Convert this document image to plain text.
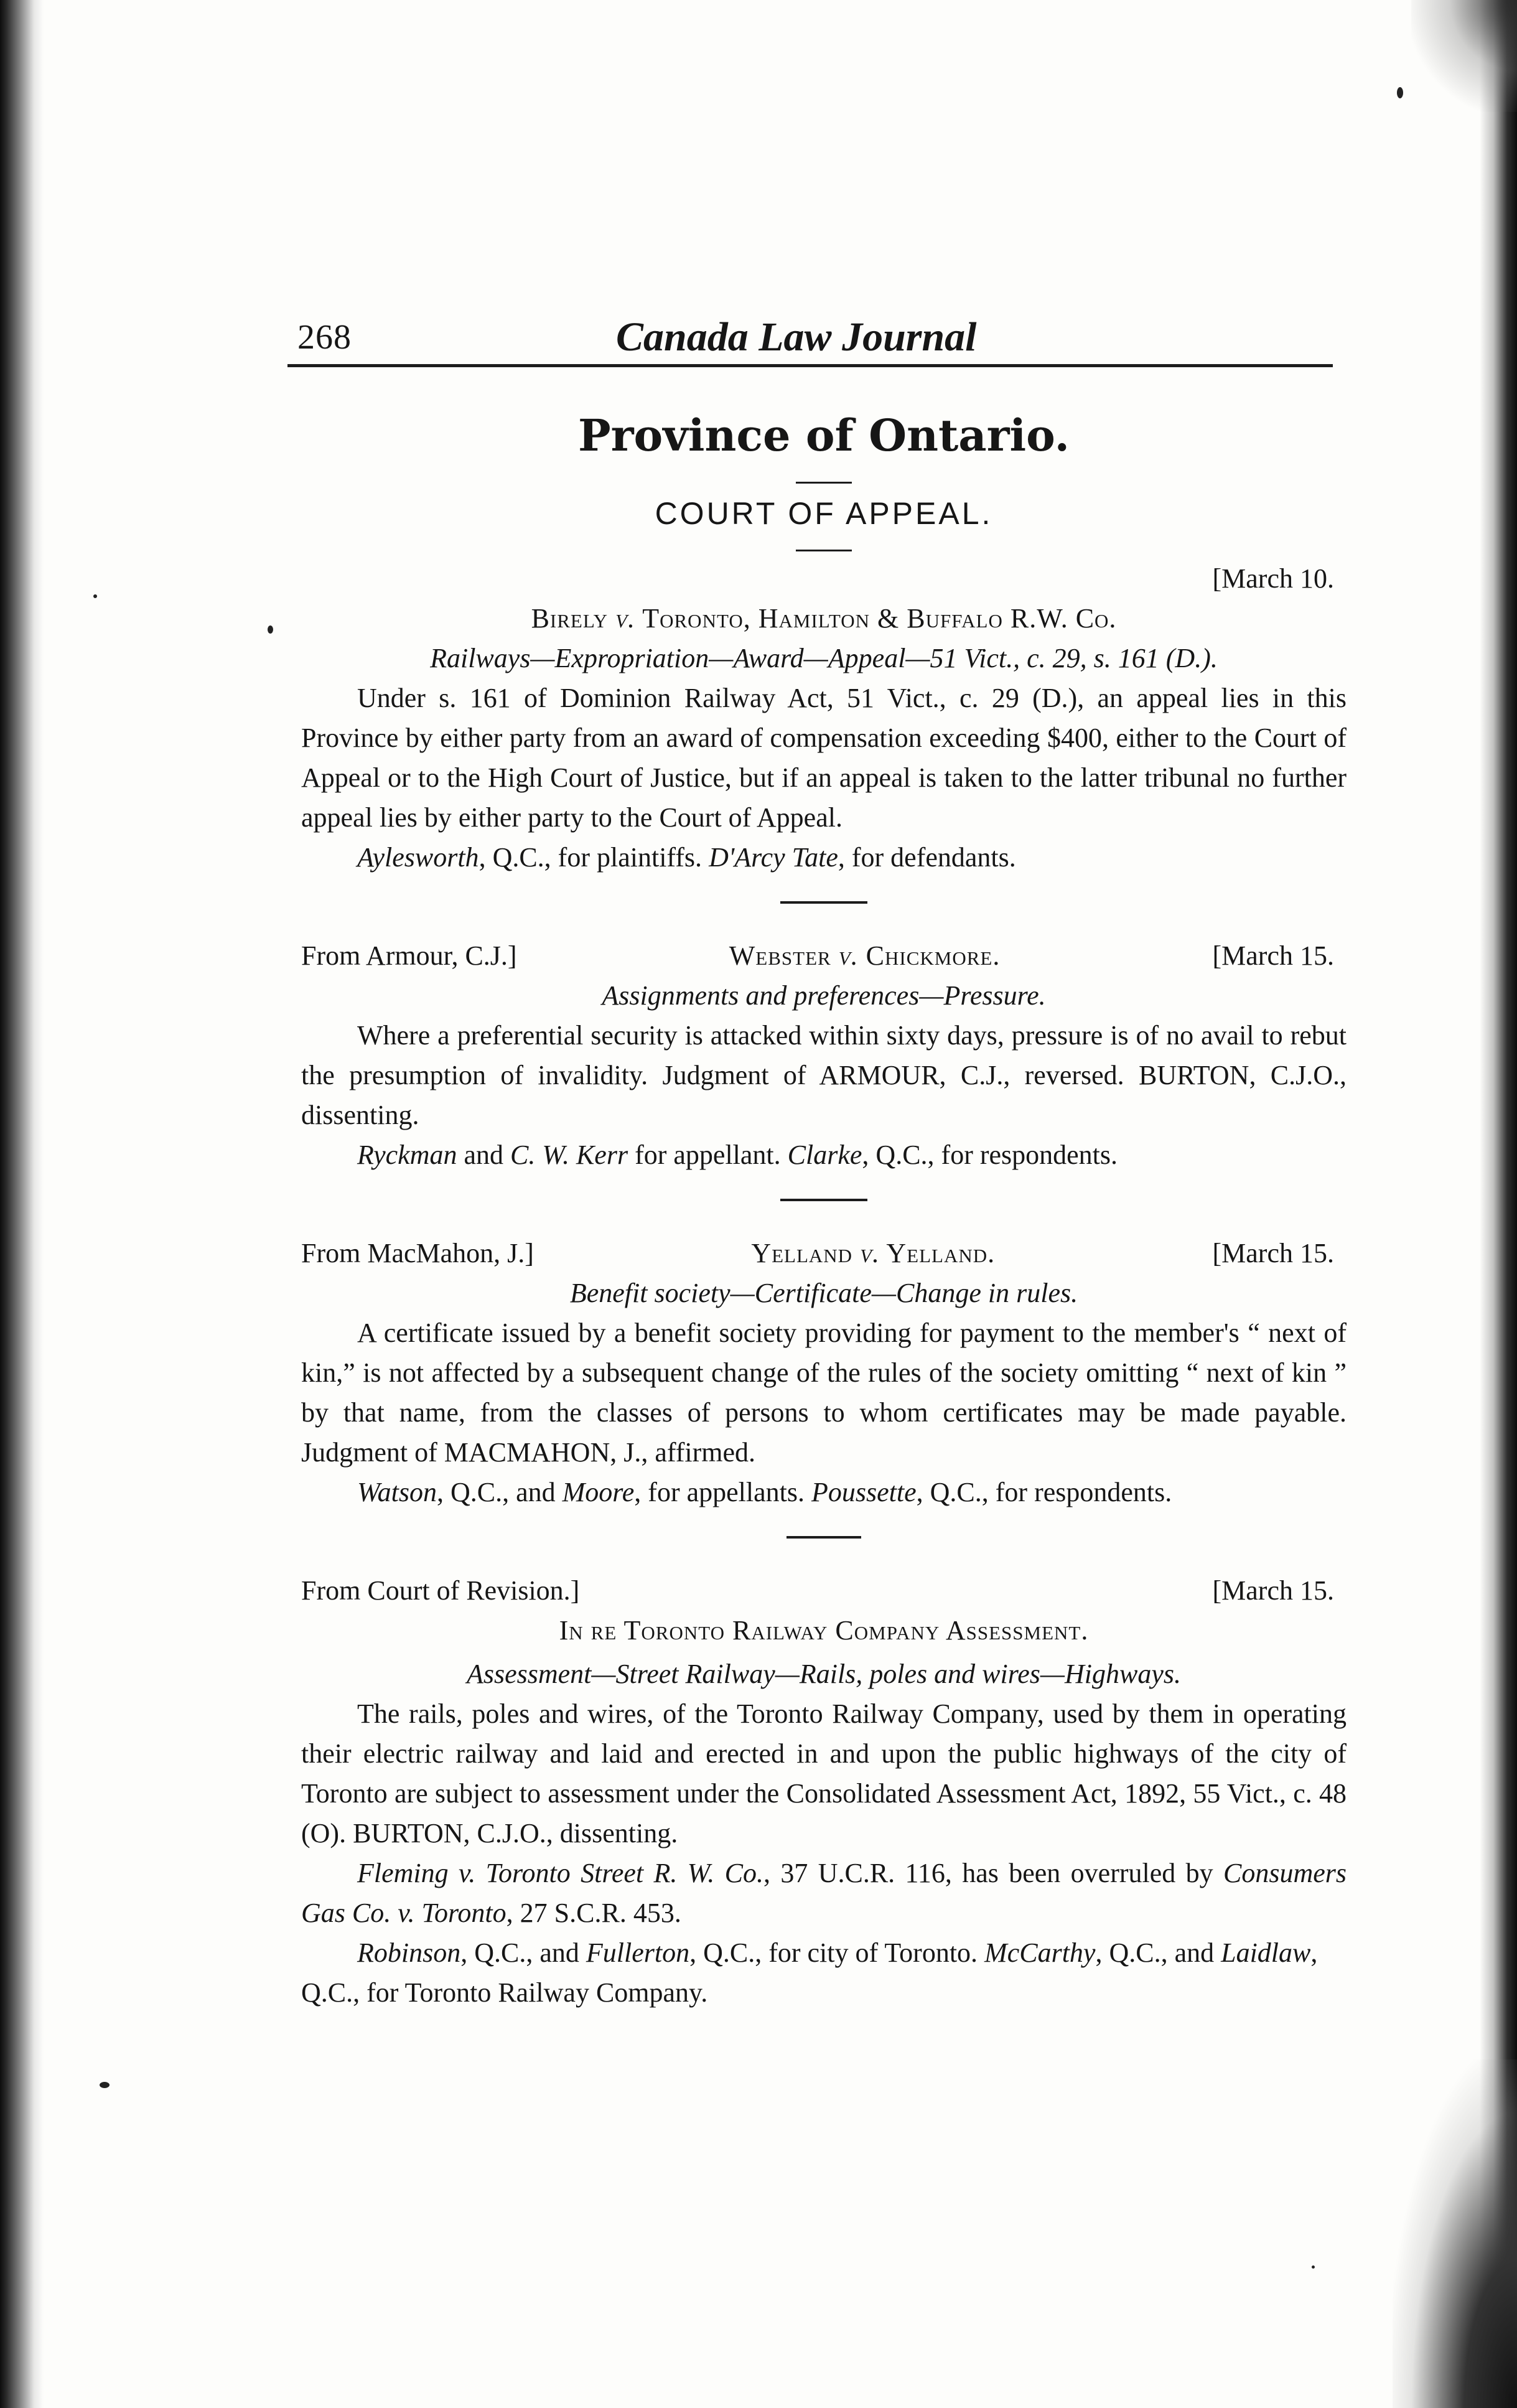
268	Canada Law Journal
Province of Ontario.
COURT OF APPEAL.
[March 10.
Birely v. Toronto, Hamilton & Buffalo R.W. Co.
Railways—Expropriation—Award—Appeal—51 Vict., c. 29, s. 161 (D.).
Under s. 161 of Dominion Railway Act, 51 Vict., c. 29 (D.), an appeal lies in this Province by either party from an award of compensation exceeding $400, either to the Court of Appeal or to the High Court of Justice, but if an appeal is taken to the latter tribunal no further appeal lies by either party to the Court of Appeal.
Aylesworth, Q.C., for plaintiffs. D'Arcy Tate, for defendants.
From Armour, C.J.]	Webster v. Chickmore.	[March 15.
Assignments and preferences—Pressure.
Where a preferential security is attacked within sixty days, pressure is of no avail to rebut the presumption of invalidity. Judgment of ARMOUR, C.J., reversed. BURTON, C.J.O., dissenting.
Ryckman and C. W. Kerr for appellant. Clarke, Q.C., for respondents.
From MacMahon, J.]	Yelland v. Yelland.	[March 15.
Benefit society—Certificate—Change in rules.
A certificate issued by a benefit society providing for payment to the member's “ next of kin,” is not affected by a subsequent change of the rules of the society omitting “ next of kin ” by that name, from the classes of persons to whom certificates may be made payable. Judgment of MACMAHON, J., affirmed.
Watson, Q.C., and Moore, for appellants. Poussette, Q.C., for respondents.
From Court of Revision.]	[March 15.
In re Toronto Railway Company Assessment.
Assessment—Street Railway—Rails, poles and wires—Highways.
The rails, poles and wires, of the Toronto Railway Company, used by them in operating their electric railway and laid and erected in and upon the public highways of the city of Toronto are subject to assessment under the Consolidated Assessment Act, 1892, 55 Vict., c. 48 (O). BURTON, C.J.O., dissenting.
Fleming v. Toronto Street R. W. Co., 37 U.C.R. 116, has been overruled by Consumers Gas Co. v. Toronto, 27 S.C.R. 453.
Robinson, Q.C., and Fullerton, Q.C., for city of Toronto. McCarthy, Q.C., and Laidlaw, Q.C., for Toronto Railway Company.
